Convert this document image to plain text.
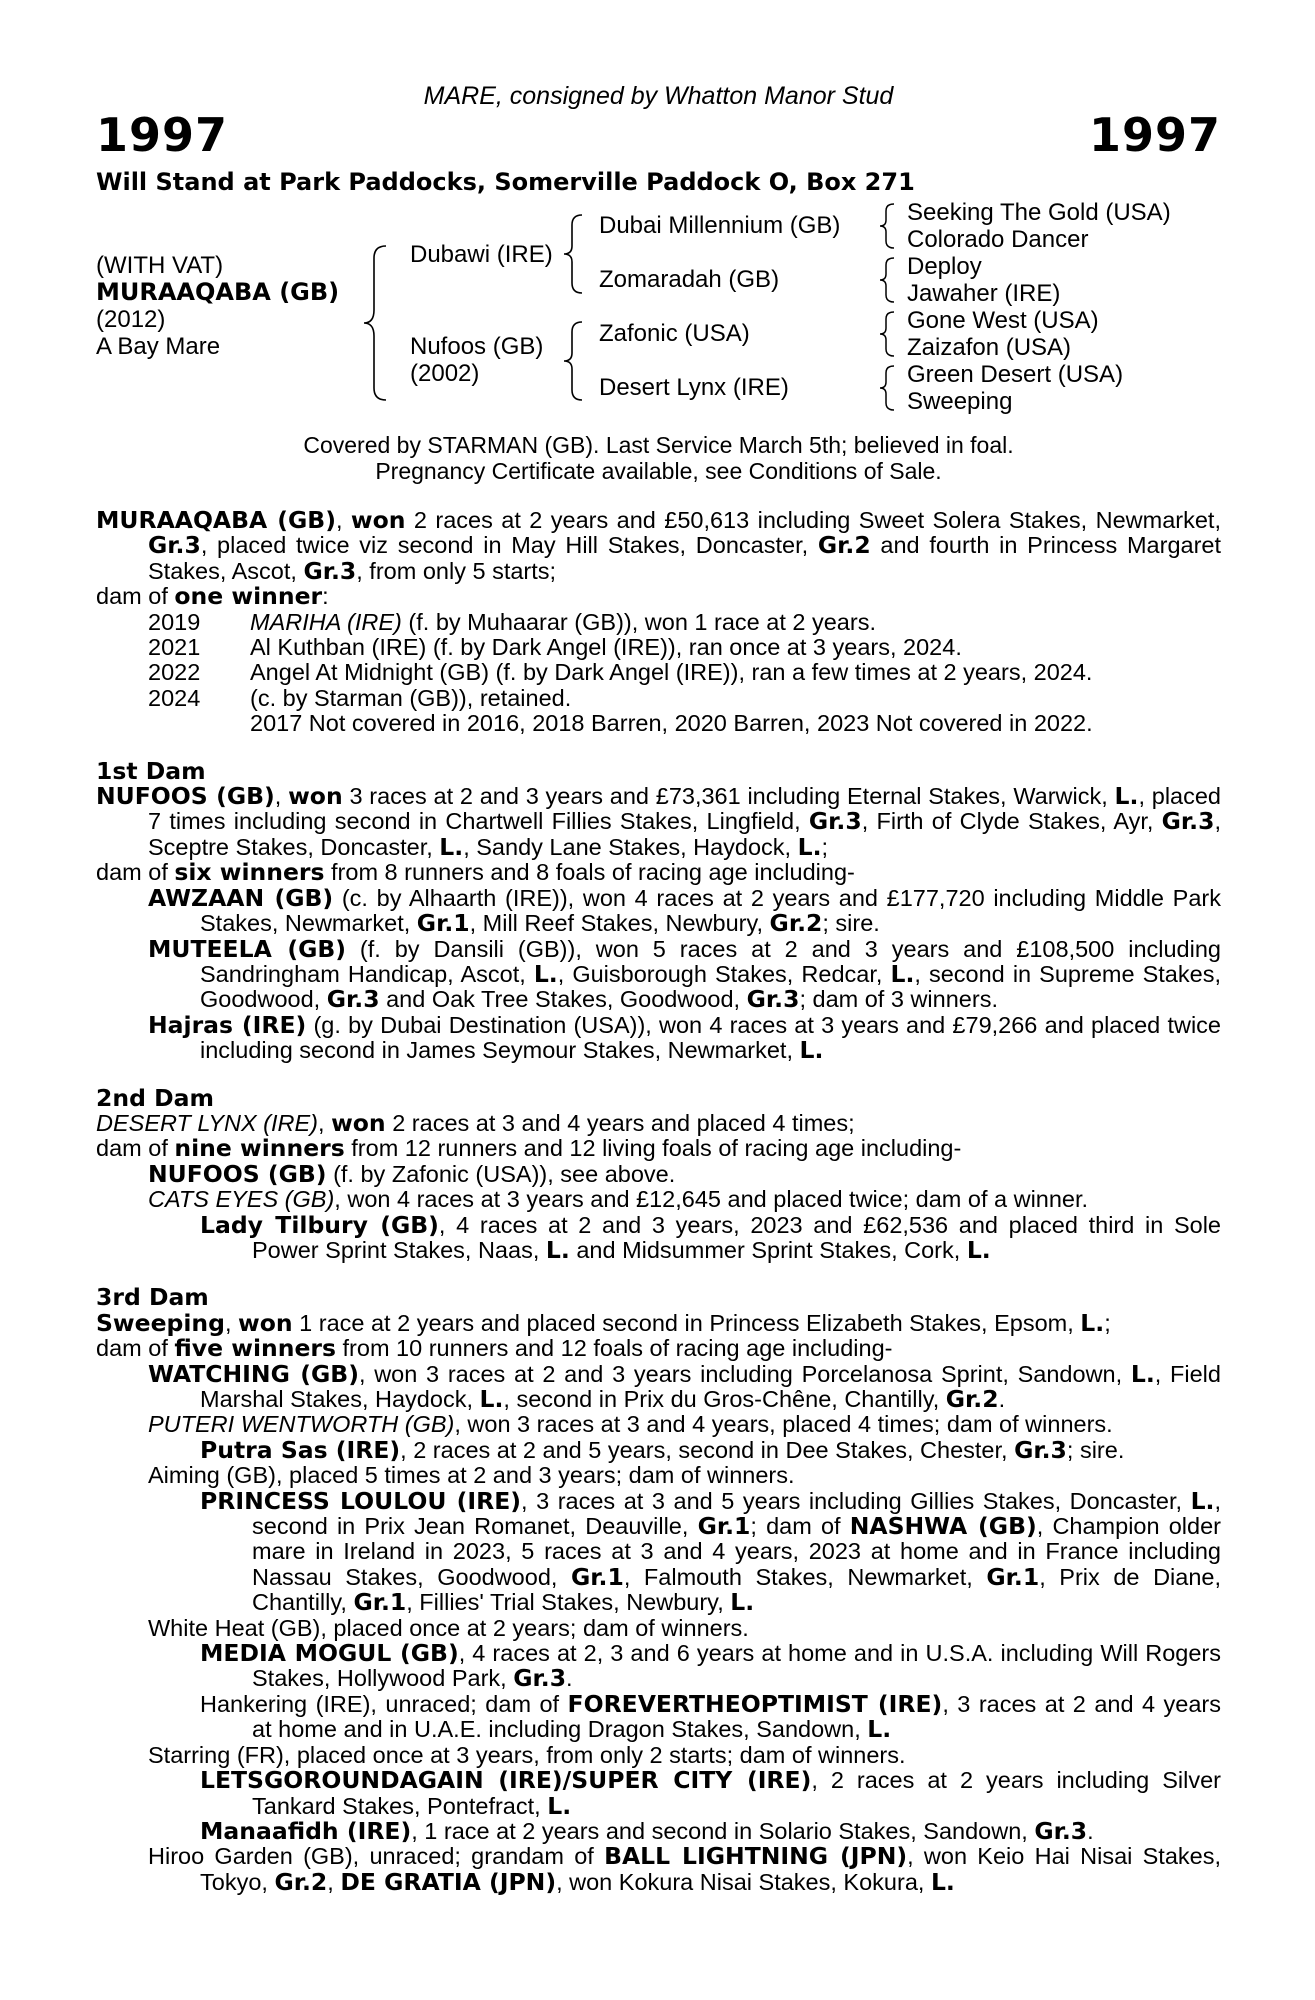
MARE, consigned by Whatton Manor Stud
1997	1997
Will Stand at Park Paddocks, Somerville Paddock O, Box 271
(WITH VAT)
MURAAQABA (GB)
(2012)
A Bay Mare
Dubawi (IRE)
Nufoos (GB)
(2002)
Dubai Millennium (GB)
Zomaradah (GB)
Zafonic (USA)
Desert Lynx (IRE)
Seeking The Gold (USA)
Colorado Dancer
Deploy
Jawaher (IRE)
Gone West (USA)
Zaizafon (USA)
Green Desert (USA)
Sweeping
Covered by STARMAN (GB). Last Service March 5th; believed in foal.
Pregnancy Certificate available, see Conditions of Sale.
MURAAQABA (GB), won 2 races at 2 years and £50,613 including Sweet Solera Stakes, Newmarket, Gr.3, placed twice viz second in May Hill Stakes, Doncaster, Gr.2 and fourth in Princess Margaret Stakes, Ascot, Gr.3, from only 5 starts;
dam of one winner:
2019	MARIHA (IRE) (f. by Muhaarar (GB)), won 1 race at 2 years.
2021	Al Kuthban (IRE) (f. by Dark Angel (IRE)), ran once at 3 years, 2024.
2022	Angel At Midnight (GB) (f. by Dark Angel (IRE)), ran a few times at 2 years, 2024.
2024	(c. by Starman (GB)), retained.
2017 Not covered in 2016, 2018 Barren, 2020 Barren, 2023 Not covered in 2022.
1st Dam
NUFOOS (GB), won 3 races at 2 and 3 years and £73,361 including Eternal Stakes, Warwick, L., placed 7 times including second in Chartwell Fillies Stakes, Lingfield, Gr.3, Firth of Clyde Stakes, Ayr, Gr.3, Sceptre Stakes, Doncaster, L., Sandy Lane Stakes, Haydock, L.;
dam of six winners from 8 runners and 8 foals of racing age including-
AWZAAN (GB) (c. by Alhaarth (IRE)), won 4 races at 2 years and £177,720 including Middle Park Stakes, Newmarket, Gr.1, Mill Reef Stakes, Newbury, Gr.2; sire.
MUTEELA (GB) (f. by Dansili (GB)), won 5 races at 2 and 3 years and £108,500 including Sandringham Handicap, Ascot, L., Guisborough Stakes, Redcar, L., second in Supreme Stakes, Goodwood, Gr.3 and Oak Tree Stakes, Goodwood, Gr.3; dam of 3 winners.
Hajras (IRE) (g. by Dubai Destination (USA)), won 4 races at 3 years and £79,266 and placed twice including second in James Seymour Stakes, Newmarket, L.
2nd Dam
DESERT LYNX (IRE), won 2 races at 3 and 4 years and placed 4 times;
dam of nine winners from 12 runners and 12 living foals of racing age including-
NUFOOS (GB) (f. by Zafonic (USA)), see above.
CATS EYES (GB), won 4 races at 3 years and £12,645 and placed twice; dam of a winner.
Lady Tilbury (GB), 4 races at 2 and 3 years, 2023 and £62,536 and placed third in Sole Power Sprint Stakes, Naas, L. and Midsummer Sprint Stakes, Cork, L.
3rd Dam
Sweeping, won 1 race at 2 years and placed second in Princess Elizabeth Stakes, Epsom, L.;
dam of five winners from 10 runners and 12 foals of racing age including-
WATCHING (GB), won 3 races at 2 and 3 years including Porcelanosa Sprint, Sandown, L., Field Marshal Stakes, Haydock, L., second in Prix du Gros-Chêne, Chantilly, Gr.2.
PUTERI WENTWORTH (GB), won 3 races at 3 and 4 years, placed 4 times; dam of winners.
Putra Sas (IRE), 2 races at 2 and 5 years, second in Dee Stakes, Chester, Gr.3; sire.
Aiming (GB), placed 5 times at 2 and 3 years; dam of winners.
PRINCESS LOULOU (IRE), 3 races at 3 and 5 years including Gillies Stakes, Doncaster, L., second in Prix Jean Romanet, Deauville, Gr.1; dam of NASHWA (GB), Champion older mare in Ireland in 2023, 5 races at 3 and 4 years, 2023 at home and in France including Nassau Stakes, Goodwood, Gr.1, Falmouth Stakes, Newmarket, Gr.1, Prix de Diane, Chantilly, Gr.1, Fillies' Trial Stakes, Newbury, L.
White Heat (GB), placed once at 2 years; dam of winners.
MEDIA MOGUL (GB), 4 races at 2, 3 and 6 years at home and in U.S.A. including Will Rogers Stakes, Hollywood Park, Gr.3.
Hankering (IRE), unraced; dam of FOREVERTHEOPTIMIST (IRE), 3 races at 2 and 4 years at home and in U.A.E. including Dragon Stakes, Sandown, L.
Starring (FR), placed once at 3 years, from only 2 starts; dam of winners.
LETSGOROUNDAGAIN (IRE)/SUPER CITY (IRE), 2 races at 2 years including Silver Tankard Stakes, Pontefract, L.
Manaafidh (IRE), 1 race at 2 years and second in Solario Stakes, Sandown, Gr.3.
Hiroo Garden (GB), unraced; grandam of BALL LIGHTNING (JPN), won Keio Hai Nisai Stakes, Tokyo, Gr.2, DE GRATIA (JPN), won Kokura Nisai Stakes, Kokura, L.
